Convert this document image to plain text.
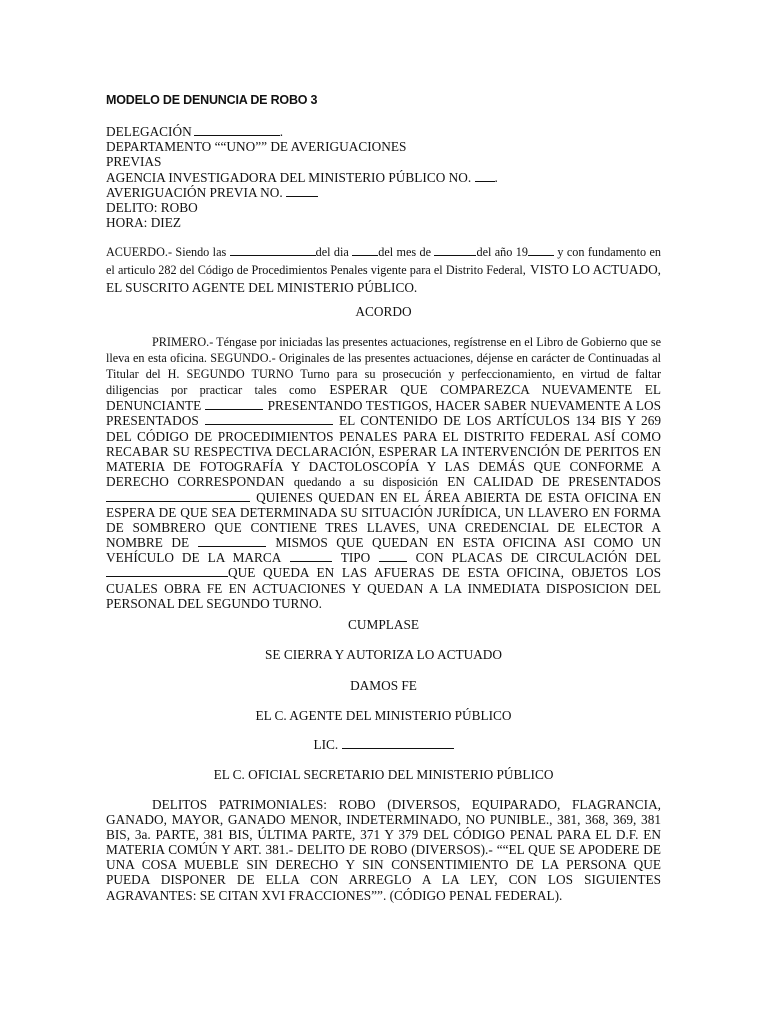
MODELO DE DENUNCIA DE ROBO 3
DELEGACIÓN	.
DEPARTAMENTO ““UNO”” DE AVERIGUACIONES
PREVIAS
AGENCIA INVESTIGADORA DEL MINISTERIO PÚBLICO NO. .
AVERIGUACIÓN PREVIA NO.
DELITO: ROBO
HORA: DIEZ
ACUERDO.- Siendo las	del dia del mes de	del año 19 y con fundamento en el articulo 282 del Código de Procedimientos Penales vigente para el Distrito Federal, VISTO LO ACTUADO, EL SUSCRITO AGENTE DEL MINISTERIO PÚBLICO.
ACORDO
PRIMERO.- Téngase por iniciadas las presentes actuaciones, regístrense en el Libro de Gobierno que se lleva en esta oficina. SEGUNDO.- Originales de las presentes actuaciones, déjense en carácter de Continuadas al Titular del H. SEGUNDO TURNO Turno para su prosecución y perfeccionamiento, en virtud de faltar diligencias por practicar tales como ESPERAR QUE COMPAREZCA NUEVAMENTE EL DENUNCIANTE	PRESENTANDO TESTIGOS, HACER SABER NUEVAMENTE A LOS PRESENTADOS	EL CONTENIDO DE LOS ARTÍCULOS 134 BIS Y 269 DEL CÓDIGO DE PROCEDIMIENTOS PENALES PARA EL DISTRITO FEDERAL ASÍ COMO RECABAR SU RESPECTIVA DECLARACIÓN, ESPERAR LA INTERVENCIÓN DE PERITOS EN MATERIA DE FOTOGRAFÍA Y DACTOLOSCOPÍA Y LAS DEMÁS QUE CONFORME A DERECHO CORRESPONDAN quedando a su disposición EN CALIDAD DE PRESENTADOS  QUIENES QUEDAN EN EL ÁREA ABIERTA DE ESTA OFICINA EN ESPERA DE QUE SEA DETERMINADA SU SITUACIÓN JURÍDICA, UN LLAVERO EN FORMA DE SOMBRERO QUE CONTIENE TRES LLAVES, UNA CREDENCIAL DE ELECTOR A NOMBRE DE	MISMOS QUE QUEDAN EN ESTA OFICINA ASI COMO UN VEHÍCULO DE LA MARCA	TIPO	CON PLACAS DE CIRCULACIÓN DEL QUE QUEDA EN LAS AFUERAS DE ESTA OFICINA, OBJETOS LOS CUALES OBRA FE EN ACTUACIONES Y QUEDAN A LA INMEDIATA DISPOSICION DEL PERSONAL DEL SEGUNDO TURNO.
CUMPLASE
SE CIERRA Y AUTORIZA LO ACTUADO
DAMOS FE
EL C. AGENTE DEL MINISTERIO PÚBLICO
LIC.
EL C. OFICIAL SECRETARIO DEL MINISTERIO PÚBLICO
DELITOS PATRIMONIALES: ROBO (DIVERSOS, EQUIPARADO, FLAGRANCIA, GANADO, MAYOR, GANADO MENOR, INDETERMINADO, NO PUNIBLE., 381, 368, 369, 381 BIS, 3a. PARTE, 381 BIS, ÚLTIMA PARTE, 371 Y 379 DEL CÓDIGO PENAL PARA EL D.F. EN MATERIA COMÚN Y ART. 381.- DELITO DE ROBO (DIVERSOS).- ““EL QUE SE APODERE DE UNA COSA MUEBLE SIN DERECHO Y SIN CONSENTIMIENTO DE LA PERSONA QUE PUEDA DISPONER DE ELLA CON ARREGLO A LA LEY, CON LOS SIGUIENTES AGRAVANTES: SE CITAN XVI FRACCIONES””. (CÓDIGO PENAL FEDERAL).
